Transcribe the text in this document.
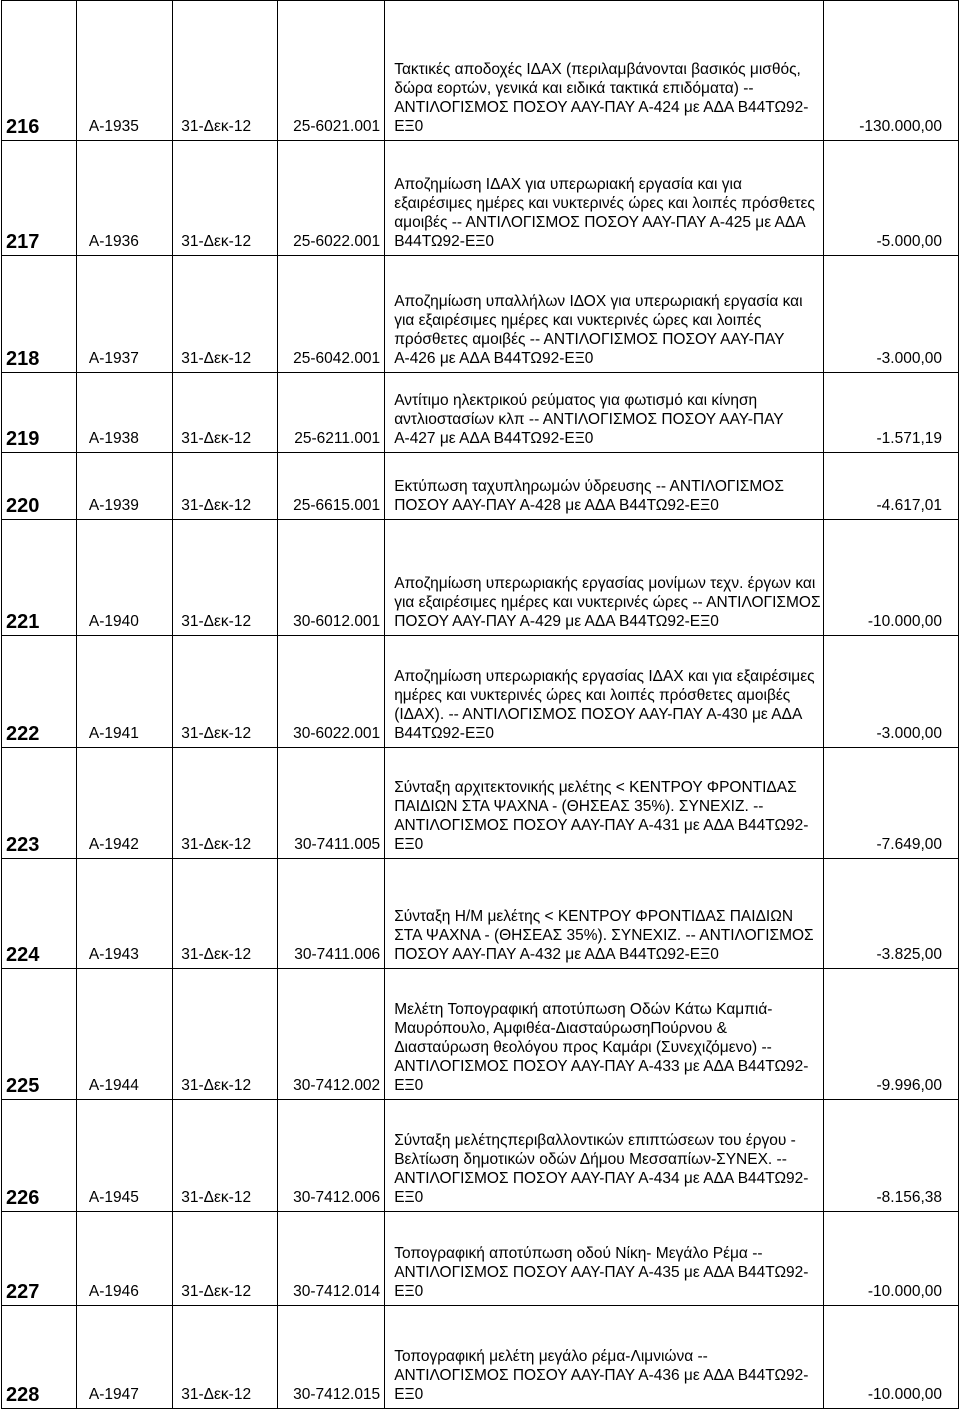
216	Α-1935	31-Δεκ-12	25-6021.001	Τακτικές αποδοχές ΙΔΑΧ (περιλαμβάνονται βασικός μισθός, δώρα εορτών, γενικά και ειδικά τακτικά επιδόματα) -- ΑΝΤΙΛΟΓΙΣΜΟΣ ΠΟΣΟΥ ΑΑΥ-ΠΑΥ Α-424 με ΑΔΑ Β44ΤΩ92-ΕΞ0	-130.000,00
217	Α-1936	31-Δεκ-12	25-6022.001	Αποζημίωση ΙΔΑΧ για υπερωριακή εργασία και για εξαιρέσιμες ημέρες και νυκτερινές ώρες και λοιπές πρόσθετες αμοιβές -- ΑΝΤΙΛΟΓΙΣΜΟΣ ΠΟΣΟΥ ΑΑΥ-ΠΑΥ Α-425 με ΑΔΑ Β44ΤΩ92-ΕΞ0	-5.000,00
218	Α-1937	31-Δεκ-12	25-6042.001	Αποζημίωση υπαλλήλων ΙΔΟΧ για υπερωριακή εργασία και για εξαιρέσιμες ημέρες και νυκτερινές ώρες και λοιπές πρόσθετες αμοιβές -- ΑΝΤΙΛΟΓΙΣΜΟΣ ΠΟΣΟΥ ΑΑΥ-ΠΑΥ Α-426 με ΑΔΑ Β44ΤΩ92-ΕΞ0	-3.000,00
219	Α-1938	31-Δεκ-12	25-6211.001	Αντίτιμο ηλεκτρικού ρεύματος για φωτισμό και κίνηση αντλιοστασίων κλπ -- ΑΝΤΙΛΟΓΙΣΜΟΣ ΠΟΣΟΥ ΑΑΥ-ΠΑΥ Α-427 με ΑΔΑ Β44ΤΩ92-ΕΞ0	-1.571,19
220	Α-1939	31-Δεκ-12	25-6615.001	Εκτύπωση ταχυπληρωμών ύδρευσης -- ΑΝΤΙΛΟΓΙΣΜΟΣ ΠΟΣΟΥ ΑΑΥ-ΠΑΥ Α-428 με ΑΔΑ Β44ΤΩ92-ΕΞ0	-4.617,01
221	Α-1940	31-Δεκ-12	30-6012.001	Αποζημίωση υπερωριακής εργασίας μονίμων τεχν. έργων και για εξαιρέσιμες ημέρες και νυκτερινές ώρες -- ΑΝΤΙΛΟΓΙΣΜΟΣ ΠΟΣΟΥ ΑΑΥ-ΠΑΥ Α-429 με ΑΔΑ Β44ΤΩ92-ΕΞ0	-10.000,00
222	Α-1941	31-Δεκ-12	30-6022.001	Αποζημίωση υπερωριακής εργασίας ΙΔΑΧ και για εξαιρέσιμες ημέρες και νυκτερινές ώρες και λοιπές πρόσθετες αμοιβές (ΙΔΑΧ). -- ΑΝΤΙΛΟΓΙΣΜΟΣ ΠΟΣΟΥ ΑΑΥ-ΠΑΥ Α-430 με ΑΔΑ Β44ΤΩ92-ΕΞ0	-3.000,00
223	Α-1942	31-Δεκ-12	30-7411.005	Σύνταξη αρχιτεκτονικής μελέτης < ΚΕΝΤΡΟΥ ΦΡΟΝΤΙΔΑΣ ΠΑΙΔΙΩΝ ΣΤΑ ΨΑΧΝΑ - (ΘΗΣΕΑΣ 35%). ΣΥΝΕΧΙΖ. -- ΑΝΤΙΛΟΓΙΣΜΟΣ ΠΟΣΟΥ ΑΑΥ-ΠΑΥ Α-431 με ΑΔΑ Β44ΤΩ92-ΕΞ0	-7.649,00
224	Α-1943	31-Δεκ-12	30-7411.006	Σύνταξη Η/Μ μελέτης < ΚΕΝΤΡΟΥ ΦΡΟΝΤΙΔΑΣ ΠΑΙΔΙΩΝ ΣΤΑ ΨΑΧΝΑ - (ΘΗΣΕΑΣ 35%). ΣΥΝΕΧΙΖ. -- ΑΝΤΙΛΟΓΙΣΜΟΣ ΠΟΣΟΥ ΑΑΥ-ΠΑΥ Α-432 με ΑΔΑ Β44ΤΩ92-ΕΞ0	-3.825,00
225	Α-1944	31-Δεκ-12	30-7412.002	Μελέτη Τοπογραφική αποτύπωση Οδών Κάτω Καμπιά-Μαυρόπουλο, Αμφιθέα-ΔιασταύρωσηΠούρνου & Διασταύρωση θεολόγου προς Καμάρι (Συνεχιζόμενο) -- ΑΝΤΙΛΟΓΙΣΜΟΣ ΠΟΣΟΥ ΑΑΥ-ΠΑΥ Α-433 με ΑΔΑ Β44ΤΩ92-ΕΞ0	-9.996,00
226	Α-1945	31-Δεκ-12	30-7412.006	Σύνταξη μελέτηςπεριβαλλοντικών επιπτώσεων του έργου - Βελτίωση δημοτικών οδών Δήμου Μεσσαπίων-ΣΥΝΕΧ. -- ΑΝΤΙΛΟΓΙΣΜΟΣ ΠΟΣΟΥ ΑΑΥ-ΠΑΥ Α-434 με ΑΔΑ Β44ΤΩ92-ΕΞ0	-8.156,38
227	Α-1946	31-Δεκ-12	30-7412.014	Τοπογραφική αποτύπωση οδού Νίκη- Μεγάλο Ρέμα -- ΑΝΤΙΛΟΓΙΣΜΟΣ ΠΟΣΟΥ ΑΑΥ-ΠΑΥ Α-435 με ΑΔΑ Β44ΤΩ92-ΕΞ0	-10.000,00
228	Α-1947	31-Δεκ-12	30-7412.015	Τοπογραφική μελέτη μεγάλο ρέμα-Λιμνιώνα -- ΑΝΤΙΛΟΓΙΣΜΟΣ ΠΟΣΟΥ ΑΑΥ-ΠΑΥ Α-436 με ΑΔΑ Β44ΤΩ92-ΕΞ0	-10.000,00
